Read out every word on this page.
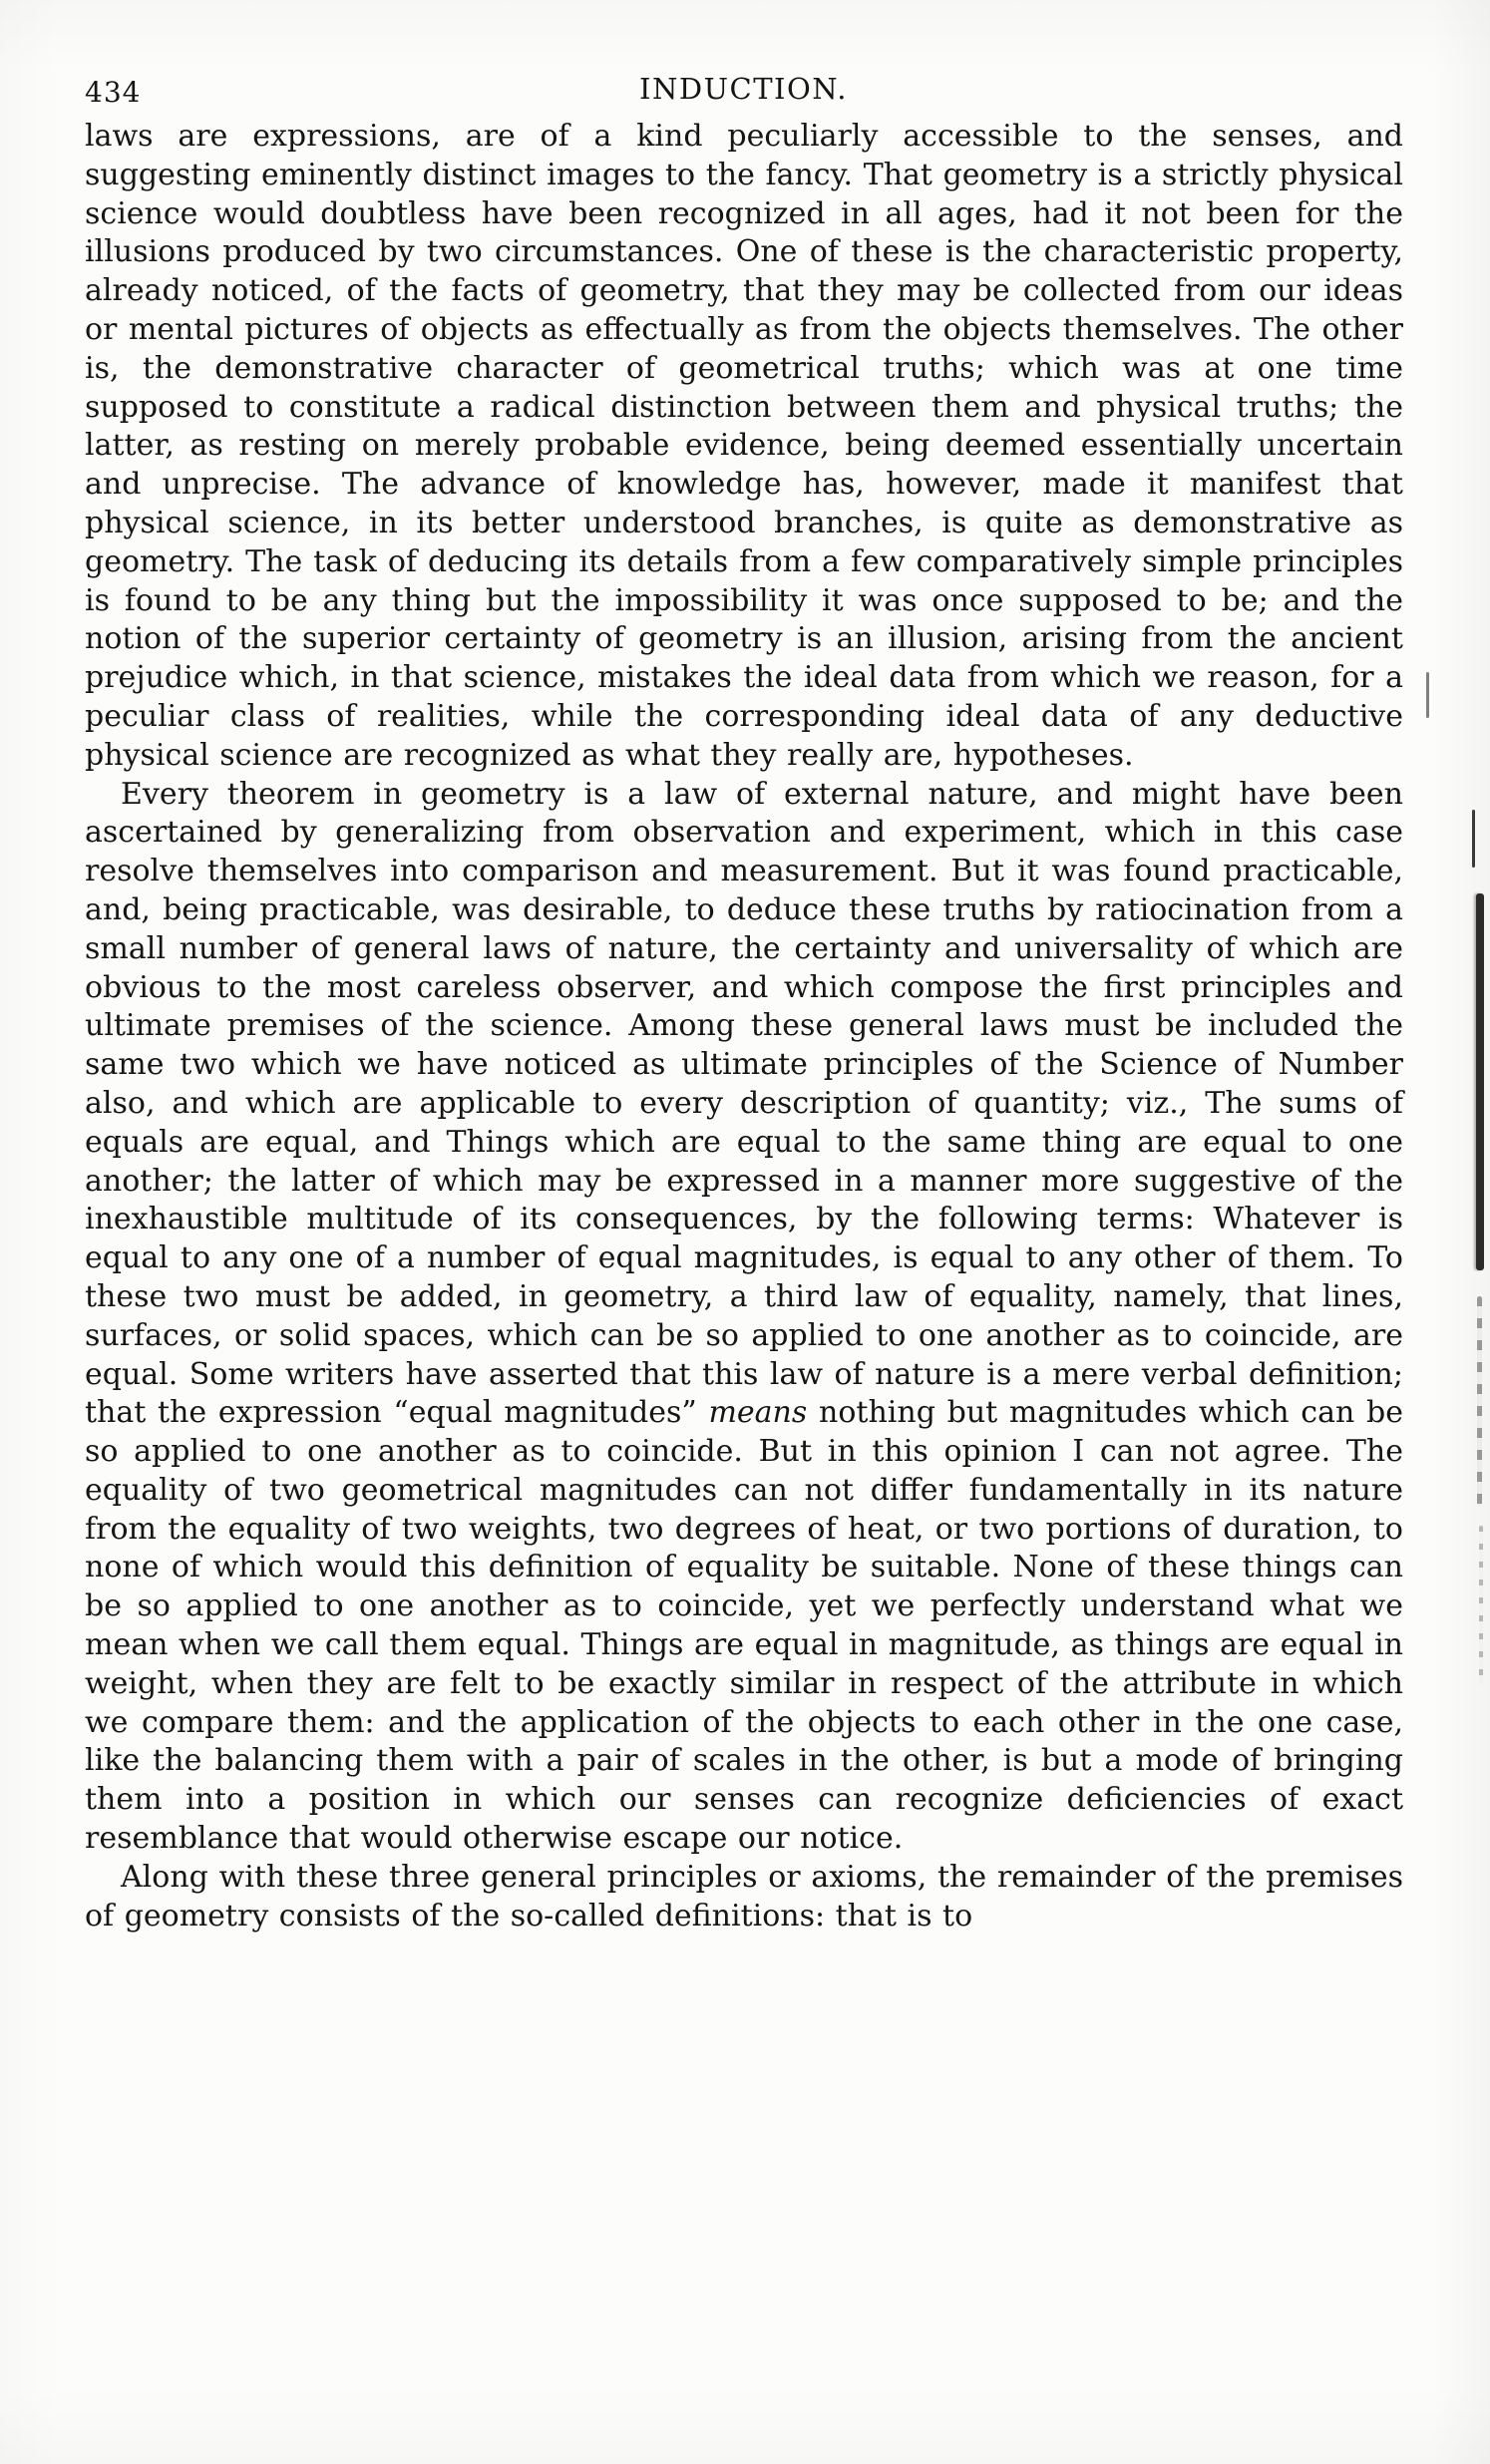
434	INDUCTION.

laws are expressions, are of a kind peculiarly accessible to the senses, and suggesting eminently distinct images to the fancy. That geometry is a strictly physical science would doubtless have been recognized in all ages, had it not been for the illusions produced by two circumstances. One of these is the characteristic property, already noticed, of the facts of geometry, that they may be collected from our ideas or mental pictures of objects as effectually as from the objects themselves. The other is, the demonstrative character of geometrical truths; which was at one time supposed to constitute a radical distinction between them and physical truths; the latter, as resting on merely probable evidence, being deemed essentially uncertain and unprecise. The advance of knowledge has, however, made it manifest that physical science, in its better understood branches, is quite as demonstrative as geometry. The task of deducing its details from a few comparatively simple principles is found to be any thing but the impossibility it was once supposed to be; and the notion of the superior certainty of geometry is an illusion, arising from the ancient prejudice which, in that science, mistakes the ideal data from which we reason, for a peculiar class of realities, while the corresponding ideal data of any deductive physical science are recognized as what they really are, hypotheses.

Every theorem in geometry is a law of external nature, and might have been ascertained by generalizing from observation and experiment, which in this case resolve themselves into comparison and measurement. But it was found practicable, and, being practicable, was desirable, to deduce these truths by ratiocination from a small number of general laws of nature, the certainty and universality of which are obvious to the most careless observer, and which compose the first principles and ultimate premises of the science. Among these general laws must be included the same two which we have noticed as ultimate principles of the Science of Number also, and which are applicable to every description of quantity; viz., The sums of equals are equal, and Things which are equal to the same thing are equal to one another; the latter of which may be expressed in a manner more suggestive of the inexhaustible multitude of its consequences, by the following terms: Whatever is equal to any one of a number of equal magnitudes, is equal to any other of them. To these two must be added, in geometry, a third law of equality, namely, that lines, surfaces, or solid spaces, which can be so applied to one another as to coincide, are equal. Some writers have asserted that this law of nature is a mere verbal definition; that the expression “equal magnitudes” means nothing but magnitudes which can be so applied to one another as to coincide. But in this opinion I can not agree. The equality of two geometrical magnitudes can not differ fundamentally in its nature from the equality of two weights, two degrees of heat, or two portions of duration, to none of which would this definition of equality be suitable. None of these things can be so applied to one another as to coincide, yet we perfectly understand what we mean when we call them equal. Things are equal in magnitude, as things are equal in weight, when they are felt to be exactly similar in respect of the attribute in which we compare them: and the application of the objects to each other in the one case, like the balancing them with a pair of scales in the other, is but a mode of bringing them into a position in which our senses can recognize deficiencies of exact resemblance that would otherwise escape our notice.

Along with these three general principles or axioms, the remainder of the premises of geometry consists of the so-called definitions: that is to
